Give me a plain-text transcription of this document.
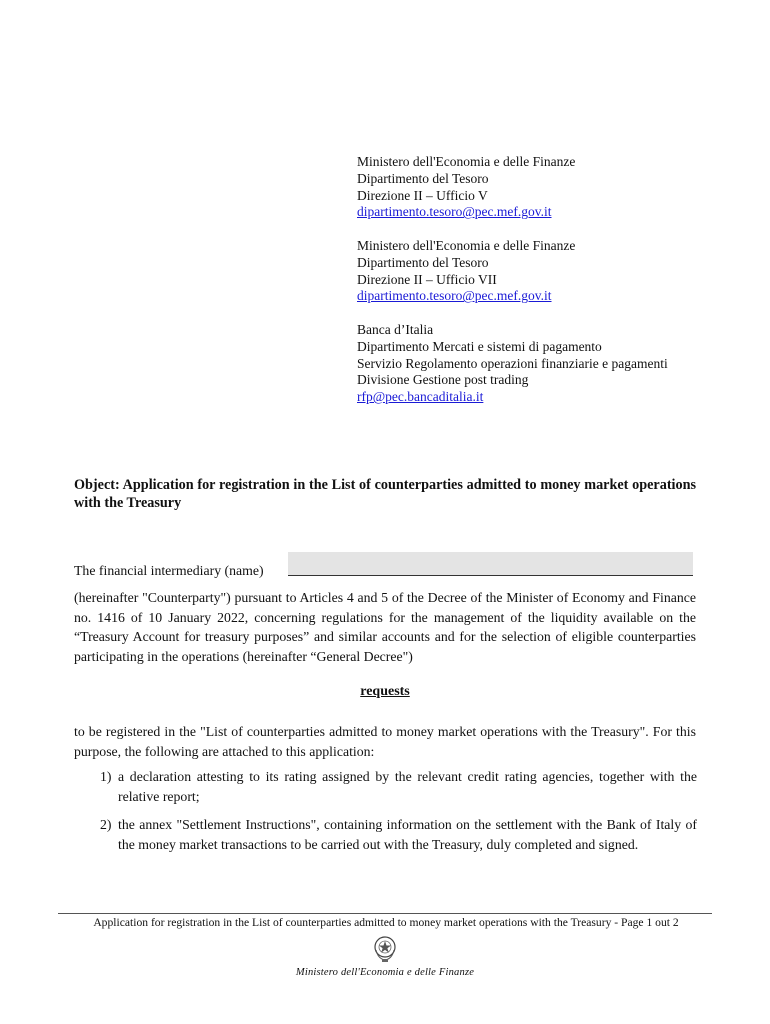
Ministero dell'Economia e delle Finanze
Dipartimento del Tesoro
Direzione II – Ufficio V
dipartimento.tesoro@pec.mef.gov.it
Ministero dell'Economia e delle Finanze
Dipartimento del Tesoro
Direzione II – Ufficio VII
dipartimento.tesoro@pec.mef.gov.it
Banca d’Italia
Dipartimento Mercati e sistemi di pagamento
Servizio Regolamento operazioni finanziarie e pagamenti
Divisione Gestione post trading
rfp@pec.bancaditalia.it
Object: Application for registration in the List of counterparties admitted to money market operations with the Treasury
The financial intermediary (name)
(hereinafter "Counterparty") pursuant to Articles 4 and 5 of the Decree of the Minister of Economy and Finance no. 1416 of 10 January 2022, concerning regulations for the management of the liquidity available on the “Treasury Account for treasury purposes” and similar accounts and for the selection of eligible counterparties participating in the operations (hereinafter “General Decree")
requests
to be registered in the "List of counterparties admitted to money market operations with the Treasury". For this purpose, the following are attached to this application:
1) a declaration attesting to its rating assigned by the relevant credit rating agencies, together with the relative report;
2) the annex "Settlement Instructions", containing information on the settlement with the Bank of Italy of the money market transactions to be carried out with the Treasury, duly completed and signed.
Application for registration in the List of counterparties admitted to money market operations with the Treasury - Page 1 out 2
Ministero dell'Economia e delle Finanze
